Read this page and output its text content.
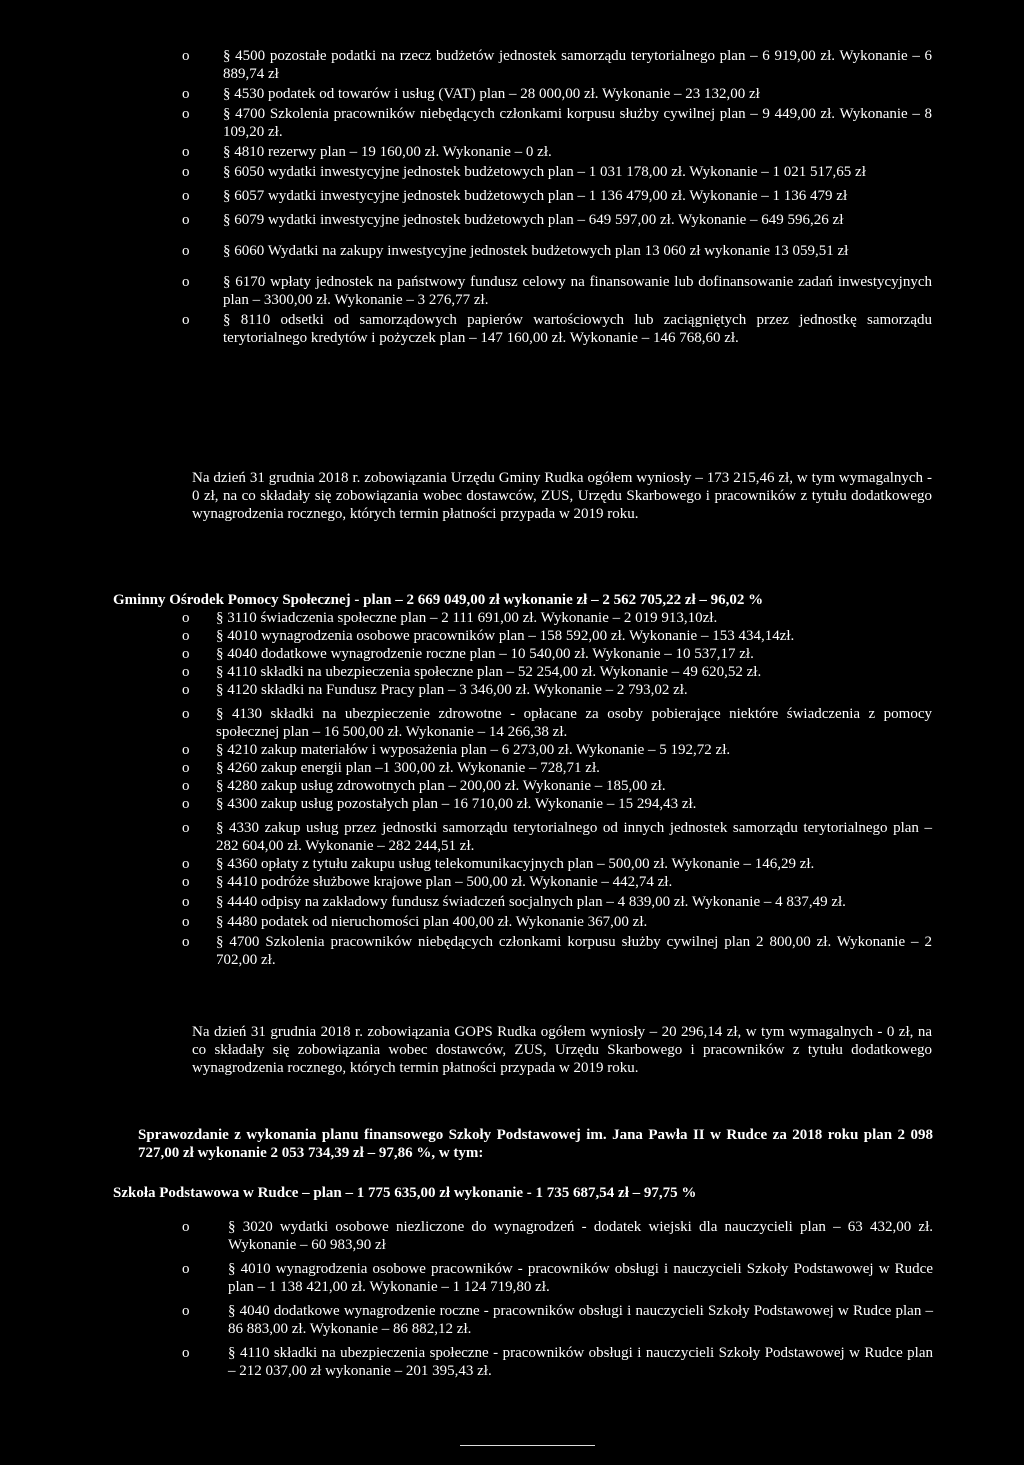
o § 4500 pozostałe podatki na rzecz budżetów jednostek samorządu terytorialnego plan – 6 919,00 zł. Wykonanie – 6 889,74 zł
o § 4530 podatek od towarów i usług (VAT) plan – 28 000,00 zł. Wykonanie – 23 132,00 zł
o § 4700 Szkolenia pracowników niebędących członkami korpusu służby cywilnej plan – 9 449,00 zł. Wykonanie – 8 109,20 zł.
o § 4810 rezerwy plan – 19 160,00 zł. Wykonanie – 0 zł.
o § 6050 wydatki inwestycyjne jednostek budżetowych plan – 1 031 178,00 zł. Wykonanie – 1 021 517,65 zł
o § 6057 wydatki inwestycyjne jednostek budżetowych plan – 1 136 479,00 zł. Wykonanie – 1 136 479 zł
o § 6079 wydatki inwestycyjne jednostek budżetowych plan – 649 597,00 zł. Wykonanie – 649 596,26 zł
o § 6060 Wydatki na zakupy inwestycyjne jednostek budżetowych plan 13 060 zł wykonanie 13 059,51 zł
o § 6170 wpłaty jednostek na państwowy fundusz celowy na finansowanie lub dofinansowanie zadań inwestycyjnych plan – 3300,00 zł. Wykonanie – 3 276,77 zł.
o § 8110 odsetki od samorządowych papierów wartościowych lub zaciągniętych przez jednostkę samorządu terytorialnego kredytów i pożyczek plan – 147 160,00 zł. Wykonanie – 146 768,60 zł.

Na dzień 31 grudnia 2018 r. zobowiązania Urzędu Gminy Rudka ogółem wyniosły – 173 215,46 zł, w tym wymagalnych - 0 zł, na co składały się zobowiązania wobec dostawców, ZUS, Urzędu Skarbowego i pracowników z tytułu dodatkowego wynagrodzenia rocznego, których termin płatności przypada w 2019 roku.

Gminny Ośrodek Pomocy Społecznej - plan – 2 669 049,00 zł wykonanie zł – 2 562 705,22 zł – 96,02 %

o § 3110 świadczenia społeczne plan – 2 111 691,00 zł. Wykonanie – 2 019 913,10zł.
o § 4010 wynagrodzenia osobowe pracowników plan – 158 592,00 zł. Wykonanie – 153 434,14zł.
o § 4040 dodatkowe wynagrodzenie roczne plan – 10 540,00 zł. Wykonanie – 10 537,17 zł.
o § 4110 składki na ubezpieczenia społeczne plan – 52 254,00 zł. Wykonanie – 49 620,52 zł.
o § 4120 składki na Fundusz Pracy plan – 3 346,00 zł. Wykonanie – 2 793,02 zł.
o § 4130 składki na ubezpieczenie zdrowotne - opłacane za osoby pobierające niektóre świadczenia z pomocy społecznej plan – 16 500,00 zł. Wykonanie – 14 266,38 zł.
o § 4210 zakup materiałów i wyposażenia plan – 6 273,00 zł. Wykonanie – 5 192,72 zł.
o § 4260 zakup energii plan –1 300,00 zł. Wykonanie – 728,71 zł.
o § 4280 zakup usług zdrowotnych plan – 200,00 zł. Wykonanie – 185,00 zł.
o § 4300 zakup usług pozostałych plan – 16 710,00 zł. Wykonanie – 15 294,43 zł.
o § 4330 zakup usług przez jednostki samorządu terytorialnego od innych jednostek samorządu terytorialnego plan – 282 604,00 zł. Wykonanie – 282 244,51 zł.
o § 4360 opłaty z tytułu zakupu usług telekomunikacyjnych plan – 500,00 zł. Wykonanie – 146,29 zł.
o § 4410 podróże służbowe krajowe plan – 500,00 zł. Wykonanie – 442,74 zł.
o § 4440 odpisy na zakładowy fundusz świadczeń socjalnych plan – 4 839,00 zł. Wykonanie – 4 837,49 zł.
o § 4480 podatek od nieruchomości plan 400,00 zł. Wykonanie 367,00 zł.
o § 4700 Szkolenia pracowników niebędących członkami korpusu służby cywilnej plan 2 800,00 zł. Wykonanie – 2 702,00 zł.

Na dzień 31 grudnia 2018 r. zobowiązania GOPS Rudka ogółem wyniosły – 20 296,14 zł, w tym wymagalnych - 0 zł, na co składały się zobowiązania wobec dostawców, ZUS, Urzędu Skarbowego i pracowników z tytułu dodatkowego wynagrodzenia rocznego, których termin płatności przypada w 2019 roku.

Sprawozdanie z wykonania planu finansowego Szkoły Podstawowej im. Jana Pawła II w Rudce za 2018 roku plan 2 098 727,00 zł wykonanie 2 053 734,39 zł – 97,86 %, w tym:

Szkoła Podstawowa w Rudce – plan – 1 775 635,00 zł wykonanie - 1 735 687,54 zł – 97,75 %

o	§ 3020 wydatki osobowe niezliczone do wynagrodzeń - dodatek wiejski dla nauczycieli plan – 63 432,00 zł. Wykonanie – 60 983,90 zł
o	§ 4010 wynagrodzenia osobowe pracowników - pracowników obsługi i nauczycieli Szkoły Podstawowej w Rudce plan – 1 138 421,00 zł. Wykonanie – 1 124 719,80 zł.
o	§ 4040 dodatkowe wynagrodzenie roczne - pracowników obsługi i nauczycieli Szkoły Podstawowej w Rudce plan – 86 883,00 zł. Wykonanie – 86 882,12 zł.
o	§ 4110 składki na ubezpieczenia społeczne - pracowników obsługi i nauczycieli Szkoły Podstawowej w Rudce plan – 212 037,00 zł wykonanie – 201 395,43 zł.
